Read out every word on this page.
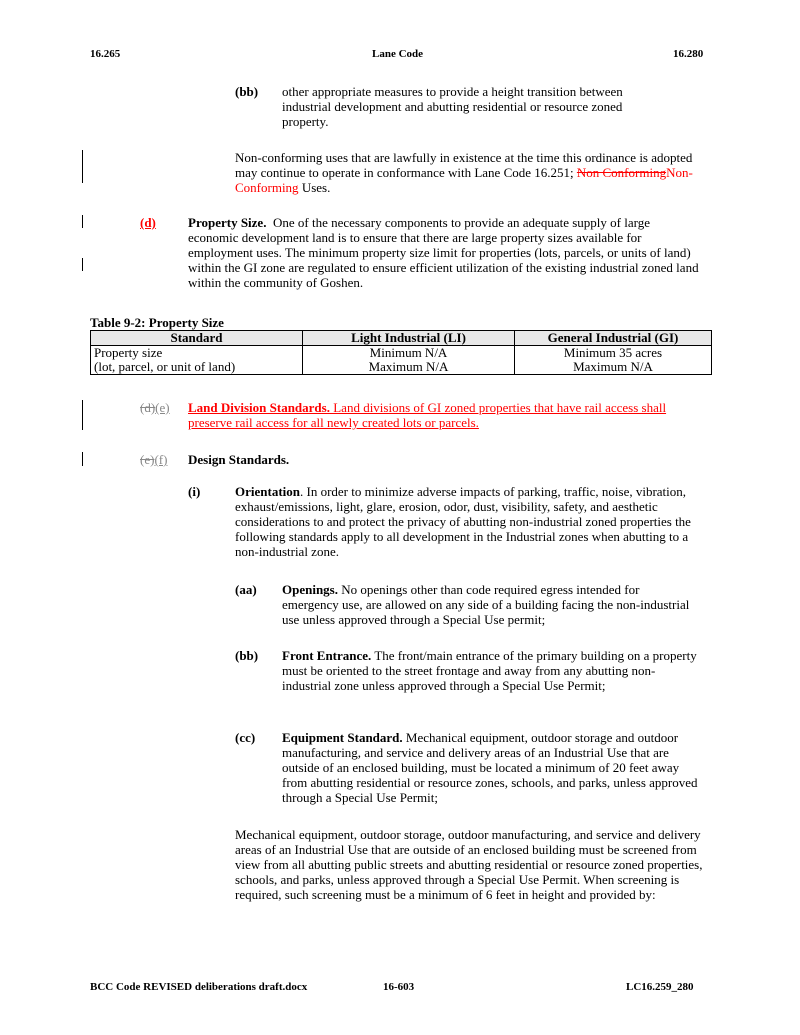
16.265	Lane Code	16.280
(bb) other appropriate measures to provide a height transition between industrial development and abutting residential or resource zoned property.
Non-conforming uses that are lawfully in existence at the time this ordinance is adopted may continue to operate in conformance with Lane Code 16.251; Non ConformingNon-Conforming Uses.
(d)	Property Size. One of the necessary components to provide an adequate supply of large economic development land is to ensure that there are large property sizes available for employment uses. The minimum property size limit for properties (lots, parcels, or units of land) within the GI zone are regulated to ensure efficient utilization of the existing industrial zoned land within the community of Goshen.
Table 9-2: Property Size
Standard	Light Industrial (LI)	General Industrial (GI)
Property size	Minimum N/A	Minimum 35 acres
(lot, parcel, or unit of land)	Maximum N/A	Maximum N/A
(d)(e) Land Division Standards. Land divisions of GI zoned properties that have rail access shall preserve rail access for all newly created lots or parcels.
(e)(f) Design Standards.
(i)	Orientation. In order to minimize adverse impacts of parking, traffic, noise, vibration, exhaust/emissions, light, glare, erosion, odor, dust, visibility, safety, and aesthetic considerations to and protect the privacy of abutting non-industrial zoned properties the following standards apply to all development in the Industrial zones when abutting to a non-industrial zone.
(aa) Openings. No openings other than code required egress intended for emergency use, are allowed on any side of a building facing the non-industrial use unless approved through a Special Use permit;
(bb) Front Entrance. The front/main entrance of the primary building on a property must be oriented to the street frontage and away from any abutting non-industrial zone unless approved through a Special Use Permit;
(cc) Equipment Standard. Mechanical equipment, outdoor storage and outdoor manufacturing, and service and delivery areas of an Industrial Use that are outside of an enclosed building, must be located a minimum of 20 feet away from abutting residential or resource zones, schools, and parks, unless approved through a Special Use Permit;
Mechanical equipment, outdoor storage, outdoor manufacturing, and service and delivery areas of an Industrial Use that are outside of an enclosed building must be screened from view from all abutting public streets and abutting residential or resource zoned properties, schools, and parks, unless approved through a Special Use Permit. When screening is required, such screening must be a minimum of 6 feet in height and provided by:
BCC Code REVISED deliberations draft.docx	16-603	LC16.259_280
